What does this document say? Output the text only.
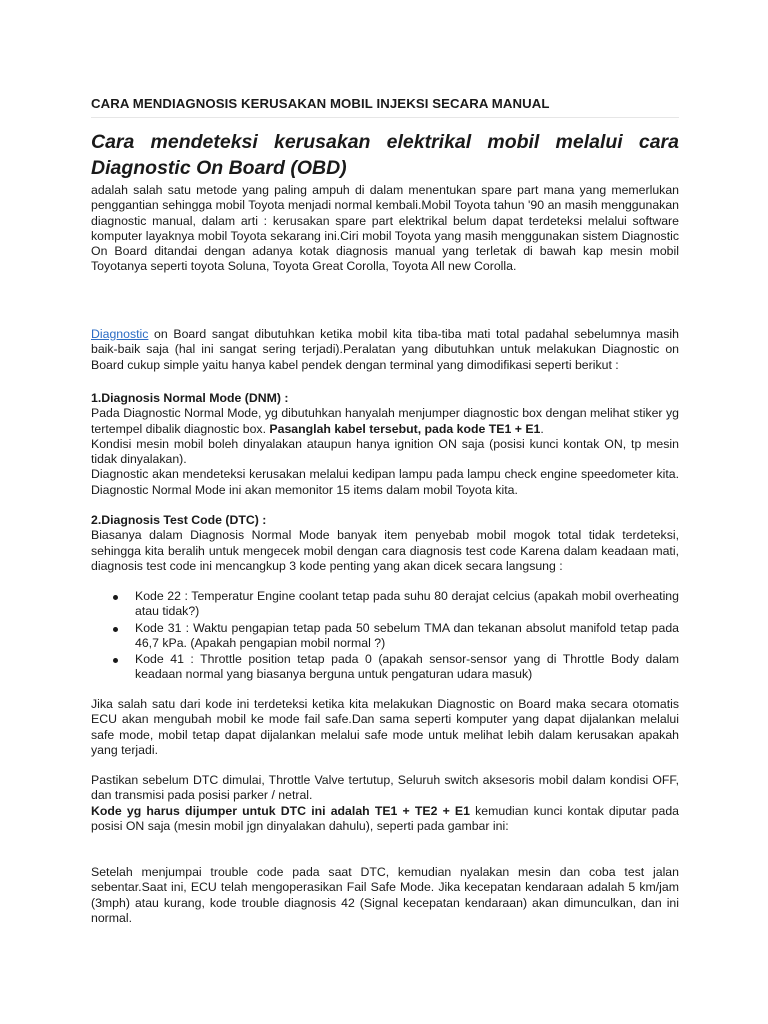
CARA MENDIAGNOSIS KERUSAKAN MOBIL INJEKSI SECARA MANUAL
Cara mendeteksi kerusakan elektrikal mobil melalui cara Diagnostic On Board (OBD)

adalah salah satu metode yang paling ampuh di dalam menentukan spare part mana yang memerlukan penggantian sehingga mobil Toyota menjadi normal kembali.Mobil Toyota tahun '90 an masih menggunakan diagnostic manual, dalam arti : kerusakan spare part elektrikal belum dapat terdeteksi melalui software komputer layaknya mobil Toyota sekarang ini.Ciri mobil Toyota yang masih menggunakan sistem Diagnostic On Board ditandai dengan adanya kotak diagnosis manual yang terletak di bawah kap mesin mobil Toyotanya seperti toyota Soluna, Toyota Great Corolla, Toyota All new Corolla.

Diagnostic on Board sangat dibutuhkan ketika mobil kita tiba-tiba mati total padahal sebelumnya masih baik-baik saja (hal ini sangat sering terjadi).Peralatan yang dibutuhkan untuk melakukan Diagnostic on Board cukup simple yaitu hanya kabel pendek dengan terminal yang dimodifikasi seperti berikut :

1.Diagnosis Normal Mode (DNM) :

Pada Diagnostic Normal Mode, yg dibutuhkan hanyalah menjumper diagnostic box dengan melihat stiker yg tertempel dibalik diagnostic box. Pasanglah kabel tersebut, pada kode TE1 + E1.

Kondisi mesin mobil boleh dinyalakan ataupun hanya ignition ON saja (posisi kunci kontak ON, tp mesin tidak dinyalakan).

Diagnostic akan mendeteksi kerusakan melalui kedipan lampu pada lampu check engine speedometer kita. Diagnostic Normal Mode ini akan memonitor 15 items dalam mobil Toyota kita.

2.Diagnosis Test Code (DTC) :

Biasanya dalam Diagnosis Normal Mode banyak item penyebab mobil mogok total tidak terdeteksi, sehingga kita beralih untuk mengecek mobil dengan cara diagnosis test code Karena dalam keadaan mati, diagnosis test code ini mencangkup 3 kode penting yang akan dicek secara langsung :

Kode 22 : Temperatur Engine coolant tetap pada suhu 80 derajat celcius (apakah mobil overheating atau tidak?)
Kode 31 : Waktu pengapian tetap pada 50 sebelum TMA dan tekanan absolut manifold tetap pada 46,7 kPa. (Apakah pengapian mobil normal ?)
Kode 41 : Throttle position tetap pada 0 (apakah sensor-sensor yang di Throttle Body dalam keadaan normal yang biasanya berguna untuk pengaturan udara masuk)

Jika salah satu dari kode ini terdeteksi ketika kita melakukan Diagnostic on Board maka secara otomatis ECU akan mengubah mobil ke mode fail safe.Dan sama seperti komputer yang dapat dijalankan melalui safe mode, mobil tetap dapat dijalankan melalui safe mode untuk melihat lebih dalam kerusakan apakah yang terjadi.

Pastikan sebelum DTC dimulai, Throttle Valve tertutup, Seluruh switch aksesoris mobil dalam kondisi OFF, dan transmisi pada posisi parker / netral.

Kode yg harus dijumper untuk DTC ini adalah TE1 + TE2 + E1 kemudian kunci kontak diputar pada posisi ON saja (mesin mobil jgn dinyalakan dahulu), seperti pada gambar ini:

Setelah menjumpai trouble code pada saat DTC, kemudian nyalakan mesin dan coba test jalan sebentar.Saat ini, ECU telah mengoperasikan Fail Safe Mode. Jika kecepatan kendaraan adalah 5 km/jam (3mph) atau kurang, kode trouble diagnosis 42 (Signal kecepatan kendaraan) akan dimunculkan, dan ini normal.
